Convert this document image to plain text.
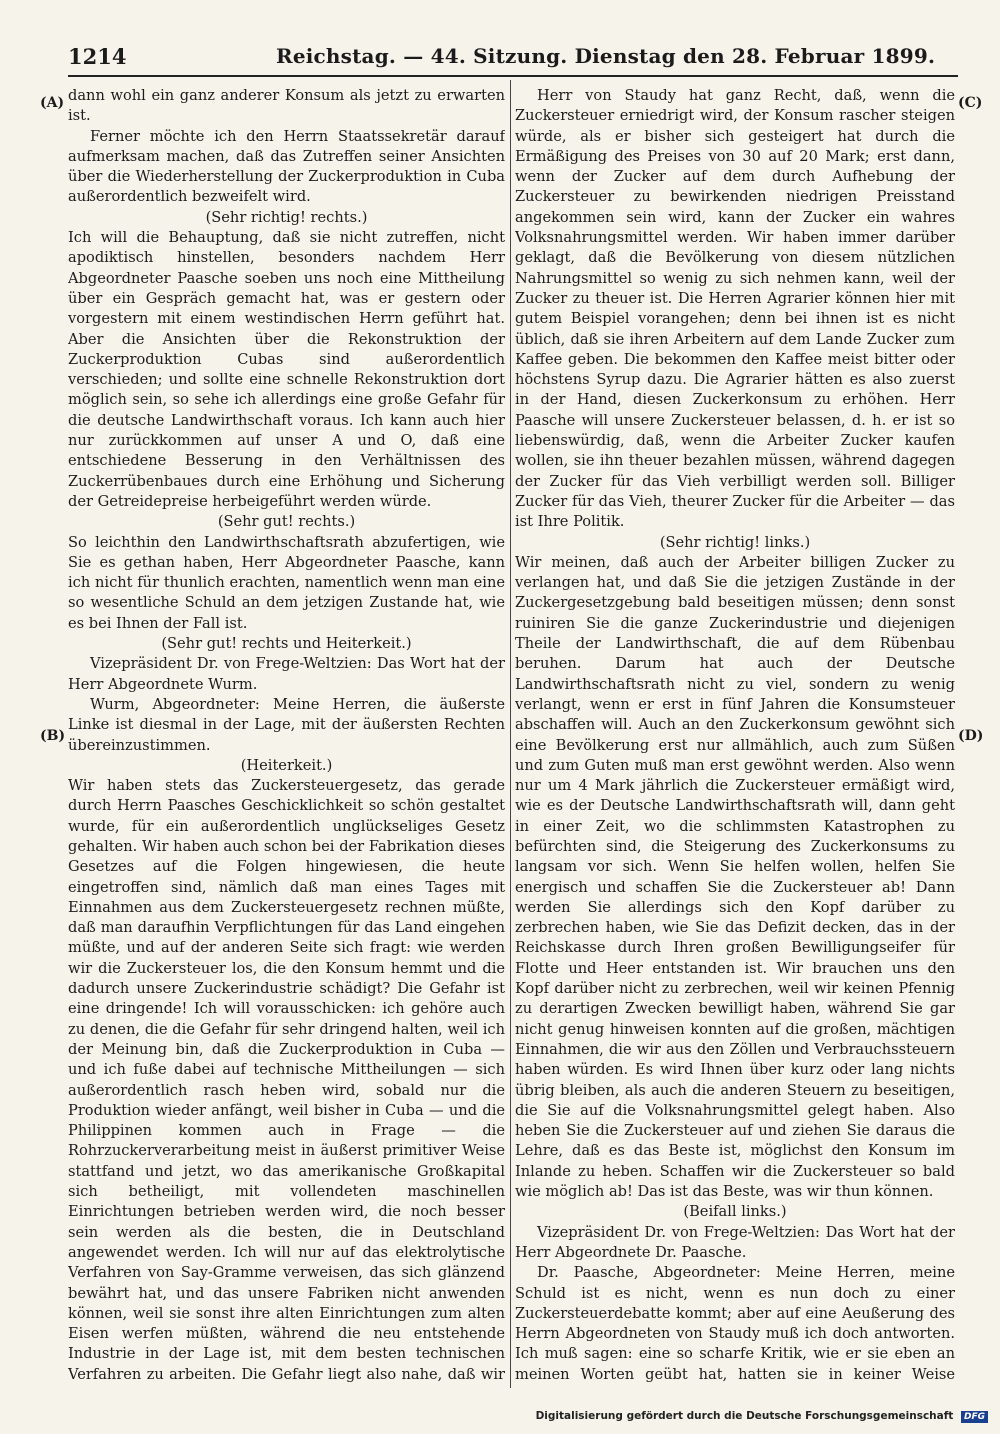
1214	Reichstag. — 44. Sitzung. Dienstag den 28. Februar 1899.
(A)
(B)
(C)
(D)

dann wohl ein ganz anderer Konsum als jetzt zu erwarten ist.

Ferner möchte ich den Herrn Staatssekretär darauf aufmerksam machen, daß das Zutreffen seiner Ansichten über die Wiederherstellung der Zuckerproduktion in Cuba außerordentlich bezweifelt wird.

(Sehr richtig! rechts.)

Ich will die Behauptung, daß sie nicht zutreffen, nicht apodiktisch hinstellen, besonders nachdem Herr Abgeordneter Paasche soeben uns noch eine Mittheilung über ein Gespräch gemacht hat, was er gestern oder vorgestern mit einem westindischen Herrn geführt hat. Aber die Ansichten über die Rekonstruktion der Zuckerproduktion Cubas sind außerordentlich verschieden; und sollte eine schnelle Rekonstruktion dort möglich sein, so sehe ich allerdings eine große Gefahr für die deutsche Landwirthschaft voraus. Ich kann auch hier nur zurückkommen auf unser A und O, daß eine entschiedene Besserung in den Verhältnissen des Zuckerrübenbaues durch eine Erhöhung und Sicherung der Getreidepreise herbeigeführt werden würde.

(Sehr gut! rechts.)

So leichthin den Landwirthschaftsrath abzufertigen, wie Sie es gethan haben, Herr Abgeordneter Paasche, kann ich nicht für thunlich erachten, namentlich wenn man eine so wesentliche Schuld an dem jetzigen Zustande hat, wie es bei Ihnen der Fall ist.

(Sehr gut! rechts und Heiterkeit.)

Vizepräsident Dr. von Frege-Weltzien: Das Wort hat der Herr Abgeordnete Wurm.

Wurm, Abgeordneter: Meine Herren, die äußerste Linke ist diesmal in der Lage, mit der äußersten Rechten übereinzustimmen.

(Heiterkeit.)

Wir haben stets das Zuckersteuergesetz, das gerade durch Herrn Paasches Geschicklichkeit so schön gestaltet wurde, für ein außerordentlich unglückseliges Gesetz gehalten. Wir haben auch schon bei der Fabrikation dieses Gesetzes auf die Folgen hingewiesen, die heute eingetroffen sind, nämlich daß man eines Tages mit Einnahmen aus dem Zuckersteuergesetz rechnen müßte, daß man daraufhin Verpflichtungen für das Land eingehen müßte, und auf der anderen Seite sich fragt: wie werden wir die Zuckersteuer los, die den Konsum hemmt und die dadurch unsere Zuckerindustrie schädigt? Die Gefahr ist eine dringende! Ich will vorausschicken: ich gehöre auch zu denen, die die Gefahr für sehr dringend halten, weil ich der Meinung bin, daß die Zuckerproduktion in Cuba — und ich fuße dabei auf technische Mittheilungen — sich außerordentlich rasch heben wird, sobald nur die Produktion wieder anfängt, weil bisher in Cuba — und die Philippinen kommen auch in Frage — die Rohrzuckerverarbeitung meist in äußerst primitiver Weise stattfand und jetzt, wo das amerikanische Großkapital sich betheiligt, mit vollendeten maschinellen Einrichtungen betrieben werden wird, die noch besser sein werden als die besten, die in Deutschland angewendet werden. Ich will nur auf das elektrolytische Verfahren von Say-Gramme verweisen, das sich glänzend bewährt hat, und das unsere Fabriken nicht anwenden können, weil sie sonst ihre alten Einrichtungen zum alten Eisen werfen müßten, während die neu entstehende Industrie in der Lage ist, mit dem besten technischen Verfahren zu arbeiten. Die Gefahr liegt also nahe, daß wir

Herr von Staudy hat ganz Recht, daß, wenn die Zuckersteuer erniedrigt wird, der Konsum rascher steigen würde, als er bisher sich gesteigert hat durch die Ermäßigung des Preises von 30 auf 20 Mark; erst dann, wenn der Zucker auf dem durch Aufhebung der Zuckersteuer zu bewirkenden niedrigen Preisstand angekommen sein wird, kann der Zucker ein wahres Volksnahrungsmittel werden. Wir haben immer darüber geklagt, daß die Bevölkerung von diesem nützlichen Nahrungsmittel so wenig zu sich nehmen kann, weil der Zucker zu theuer ist. Die Herren Agrarier können hier mit gutem Beispiel vorangehen; denn bei ihnen ist es nicht üblich, daß sie ihren Arbeitern auf dem Lande Zucker zum Kaffee geben. Die bekommen den Kaffee meist bitter oder höchstens Syrup dazu. Die Agrarier hätten es also zuerst in der Hand, diesen Zuckerkonsum zu erhöhen. Herr Paasche will unsere Zuckersteuer belassen, d. h. er ist so liebenswürdig, daß, wenn die Arbeiter Zucker kaufen wollen, sie ihn theuer bezahlen müssen, während dagegen der Zucker für das Vieh verbilligt werden soll. Billiger Zucker für das Vieh, theurer Zucker für die Arbeiter — das ist Ihre Politik.

(Sehr richtig! links.)

Wir meinen, daß auch der Arbeiter billigen Zucker zu verlangen hat, und daß Sie die jetzigen Zustände in der Zuckergesetzgebung bald beseitigen müssen; denn sonst ruiniren Sie die ganze Zuckerindustrie und diejenigen Theile der Landwirthschaft, die auf dem Rübenbau beruhen. Darum hat auch der Deutsche Landwirthschaftsrath nicht zu viel, sondern zu wenig verlangt, wenn er erst in fünf Jahren die Konsumsteuer abschaffen will. Auch an den Zuckerkonsum gewöhnt sich eine Bevölkerung erst nur allmählich, auch zum Süßen und zum Guten muß man erst gewöhnt werden. Also wenn nur um 4 Mark jährlich die Zuckersteuer ermäßigt wird, wie es der Deutsche Landwirthschaftsrath will, dann geht in einer Zeit, wo die schlimmsten Katastrophen zu befürchten sind, die Steigerung des Zuckerkonsums zu langsam vor sich. Wenn Sie helfen wollen, helfen Sie energisch und schaffen Sie die Zuckersteuer ab! Dann werden Sie allerdings sich den Kopf darüber zu zerbrechen haben, wie Sie das Defizit decken, das in der Reichskasse durch Ihren großen Bewilligungseifer für Flotte und Heer entstanden ist. Wir brauchen uns den Kopf darüber nicht zu zerbrechen, weil wir keinen Pfennig zu derartigen Zwecken bewilligt haben, während Sie gar nicht genug hinweisen konnten auf die großen, mächtigen Einnahmen, die wir aus den Zöllen und Verbrauchssteuern haben würden. Es wird Ihnen über kurz oder lang nichts übrig bleiben, als auch die anderen Steuern zu beseitigen, die Sie auf die Volksnahrungsmittel gelegt haben. Also heben Sie die Zuckersteuer auf und ziehen Sie daraus die Lehre, daß es das Beste ist, möglichst den Konsum im Inlande zu heben. Schaffen wir die Zuckersteuer so bald wie möglich ab! Das ist das Beste, was wir thun können.

(Beifall links.)

Vizepräsident Dr. von Frege-Weltzien: Das Wort hat der Herr Abgeordnete Dr. Paasche.

Dr. Paasche, Abgeordneter: Meine Herren, meine Schuld ist es nicht, wenn es nun doch zu einer Zuckersteuerdebatte kommt; aber auf eine Aeußerung des Herrn Abgeordneten von Staudy muß ich doch antworten. Ich muß sagen: eine so scharfe Kritik, wie er sie eben an meinen Worten geübt hat, hatten sie in keiner Weise

Digitalisierung gefördert durch die Deutsche Forschungsgemeinschaft DFG
